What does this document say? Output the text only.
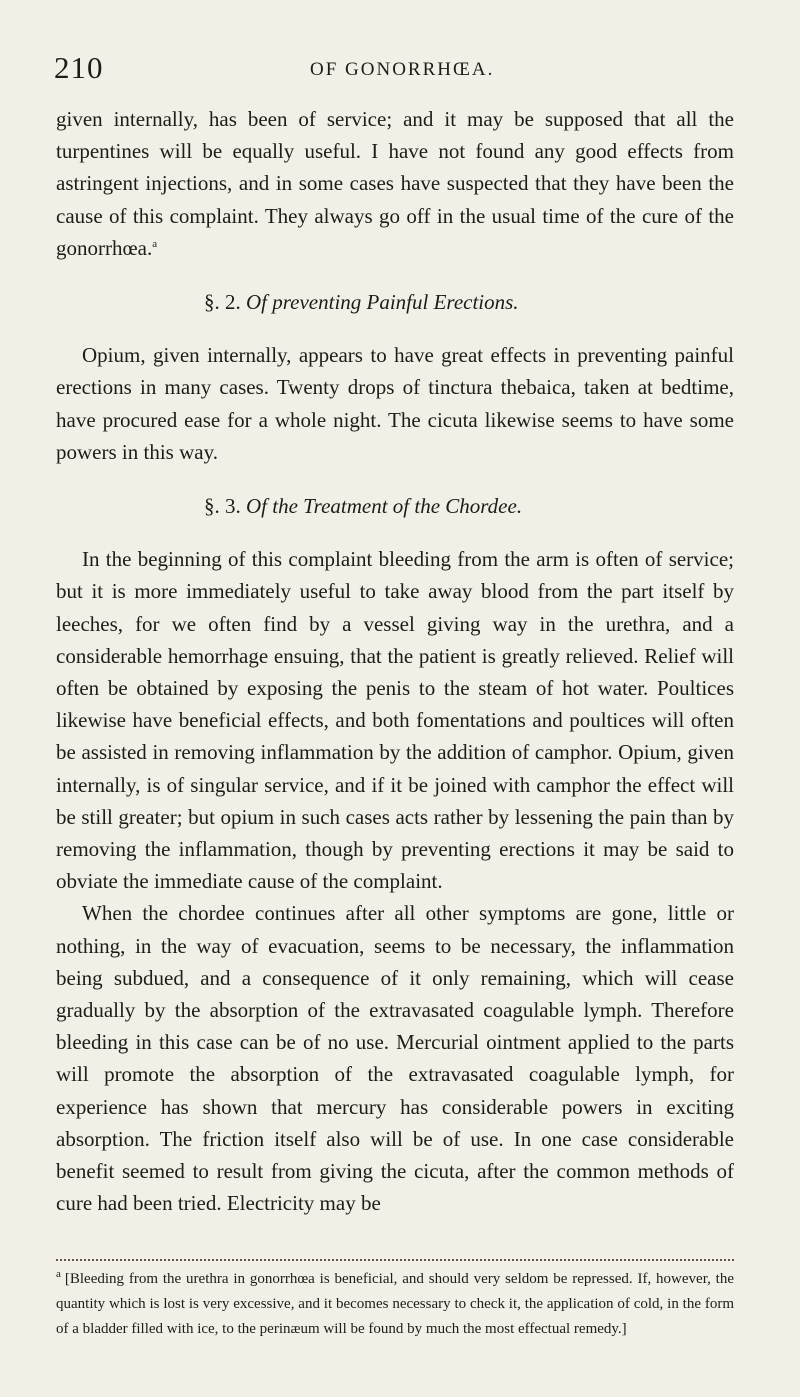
210	OF GONORRHŒA.

given internally, has been of service; and it may be supposed that all the turpentines will be equally useful. I have not found any good effects from astringent injections, and in some cases have suspected that they have been the cause of this complaint. They always go off in the usual time of the cure of the gonorrhœa.$^a$

§. 2. Of preventing Painful Erections.

Opium, given internally, appears to have great effects in preventing painful erections in many cases. Twenty drops of tinctura thebaica, taken at bedtime, have procured ease for a whole night. The cicuta likewise seems to have some powers in this way.

§. 3. Of the Treatment of the Chordee.

In the beginning of this complaint bleeding from the arm is often of service; but it is more immediately useful to take away blood from the part itself by leeches, for we often find by a vessel giving way in the urethra, and a considerable hemorrhage ensuing, that the patient is greatly relieved. Relief will often be obtained by exposing the penis to the steam of hot water. Poultices likewise have beneficial effects, and both fomentations and poultices will often be assisted in removing inflammation by the addition of camphor. Opium, given internally, is of singular service, and if it be joined with camphor the effect will be still greater; but opium in such cases acts rather by lessening the pain than by removing the inflammation, though by preventing erections it may be said to obviate the immediate cause of the complaint.

When the chordee continues after all other symptoms are gone, little or nothing, in the way of evacuation, seems to be necessary, the inflammation being subdued, and a consequence of it only remaining, which will cease gradually by the absorption of the extravasated coagulable lymph. Therefore bleeding in this case can be of no use. Mercurial ointment applied to the parts will promote the absorption of the extravasated coagulable lymph, for experience has shown that mercury has considerable powers in exciting absorption. The friction itself also will be of use. In one case considerable benefit seemed to result from giving the cicuta, after the common methods of cure had been tried. Electricity may be

$^a$ [Bleeding from the urethra in gonorrhœa is beneficial, and should very seldom be repressed. If, however, the quantity which is lost is very excessive, and it becomes necessary to check it, the application of cold, in the form of a bladder filled with ice, to the perinæum will be found by much the most effectual remedy.]
